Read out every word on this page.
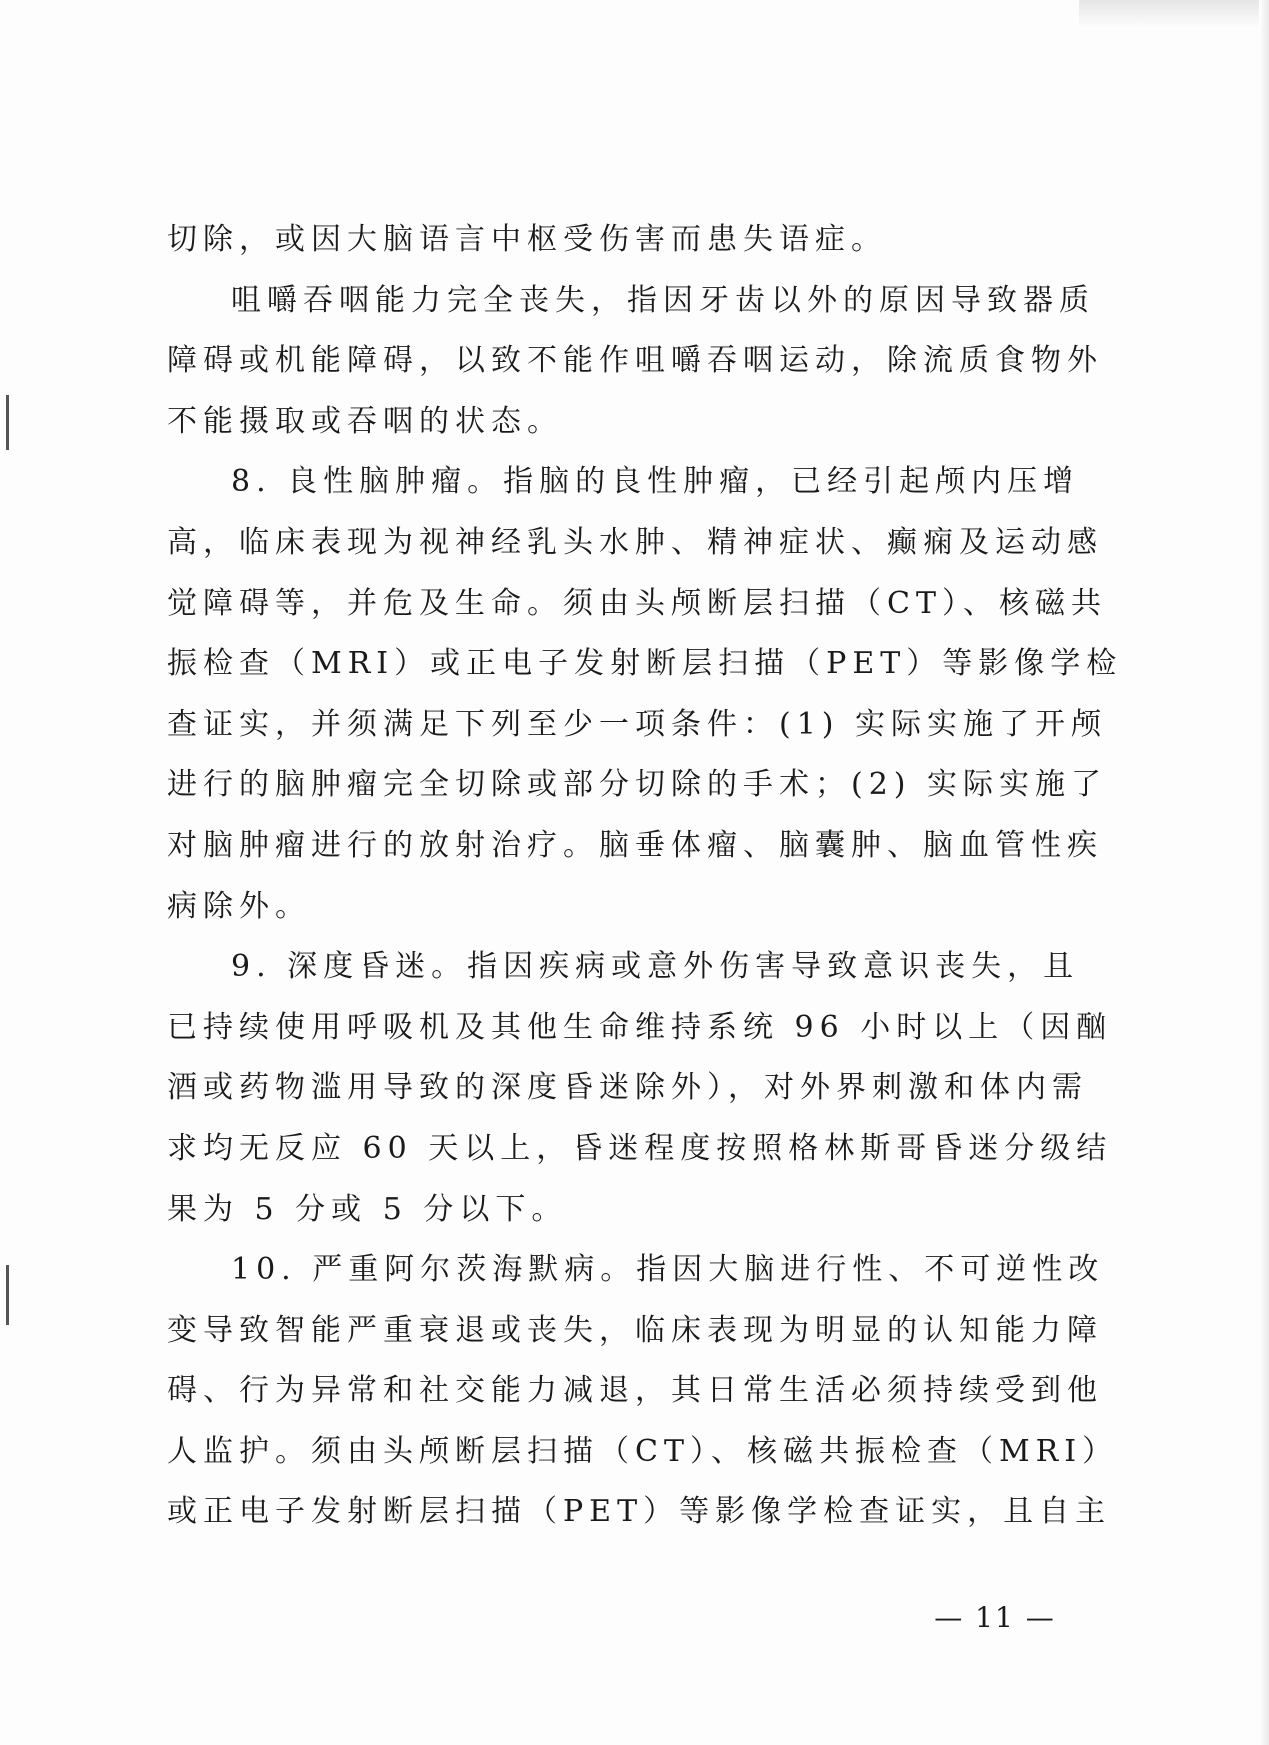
切除，或因大脑语言中枢受伤害而患失语症。
咀嚼吞咽能力完全丧失，指因牙齿以外的原因导致器质
障碍或机能障碍，以致不能作咀嚼吞咽运动，除流质食物外
不能摄取或吞咽的状态。
8. 良性脑肿瘤。指脑的良性肿瘤，已经引起颅内压增
高，临床表现为视神经乳头水肿、精神症状、癫痫及运动感
觉障碍等，并危及生命。须由头颅断层扫描（CT）、核磁共
振检查（MRI）或正电子发射断层扫描（PET）等影像学检
查证实，并须满足下列至少一项条件：(1) 实际实施了开颅
进行的脑肿瘤完全切除或部分切除的手术；(2) 实际实施了
对脑肿瘤进行的放射治疗。脑垂体瘤、脑囊肿、脑血管性疾
病除外。
9. 深度昏迷。指因疾病或意外伤害导致意识丧失，且
已持续使用呼吸机及其他生命维持系统 96 小时以上（因酗
酒或药物滥用导致的深度昏迷除外），对外界刺激和体内需
求均无反应 60 天以上，昏迷程度按照格林斯哥昏迷分级结
果为 5 分或 5 分以下。
10. 严重阿尔茨海默病。指因大脑进行性、不可逆性改
变导致智能严重衰退或丧失，临床表现为明显的认知能力障
碍、行为异常和社交能力减退，其日常生活必须持续受到他
人监护。须由头颅断层扫描（CT）、核磁共振检查（MRI）
或正电子发射断层扫描（PET）等影像学检查证实，且自主
— 11 —
